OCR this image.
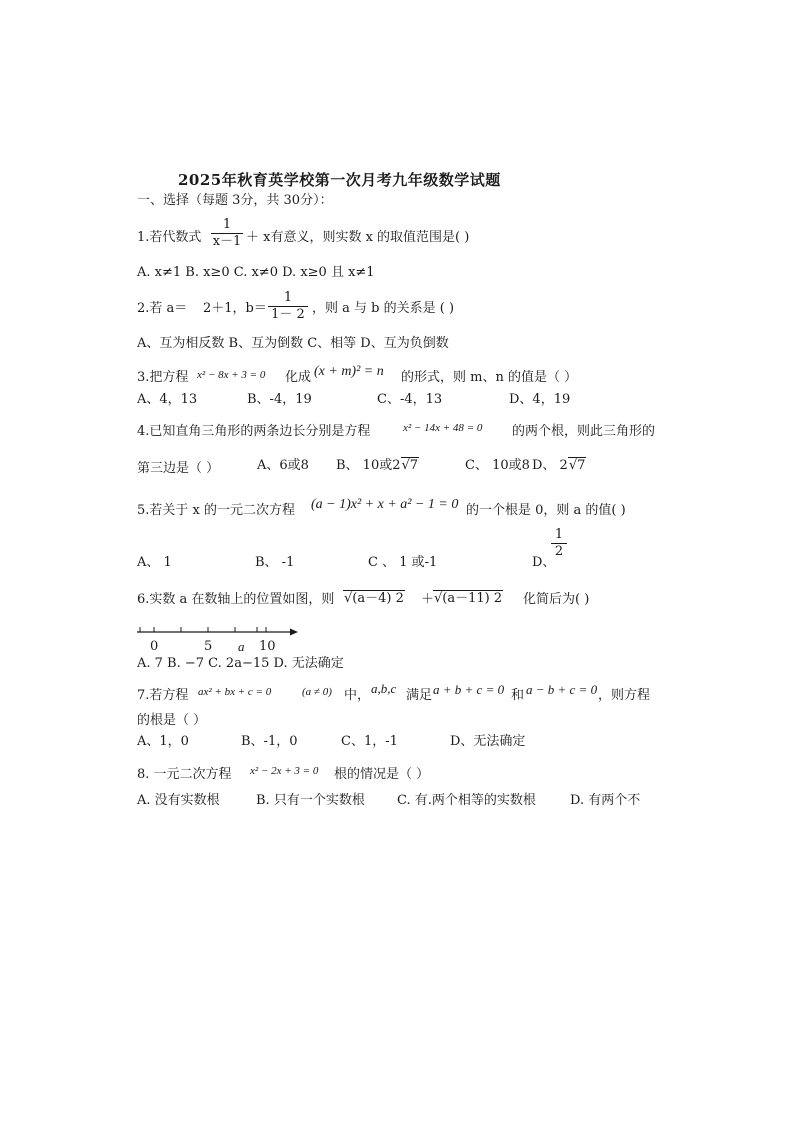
2025年秋育英学校第一次月考九年级数学试题
一、选择（每题 3分，共 30分）：
1.若代数式
1
x－1 ＋ x有意义，则实数 x 的取值范围是( )
A. x≠1 B. x≥0 C. x≠0 D. x≥0 且 x≠1
2.若 a＝ 2＋1，b＝
1
1－ 2 ，则 a 与 b 的关系是 ( )
A、互为相反数 B、互为倒数 C、相等 D、互为负倒数
3.把方程 x² − 8x + 3 = 0 化成 (x + m)² = n 的形式，则 m、n 的值是（ ）
A、4，13	B、-4，19	C、-4，13	D、4，19
4.已知直角三角形的两条边长分别是方程	x² − 14x + 48 = 0 的两个根，则此三角形的
第三边是（ ）	A、6或8 B、 10或2√7	C、 10或8 D、 2√7
5.若关于 x 的一元二次方程 (a − 1)x² + x + a² − 1 = 0 的一个根是 0，则 a 的值( )
A、 1	B、 -1	C 、 1 或-1	D、
1
2
6.实数 a 在数轴上的位置如图，则 √(a－4) 2 ＋ √(a－11) 2 化简后为( )
0	5 a 10
A. 7 B. −7 C. 2a−15 D. 无法确定
7.若方程 ax² + bx + c = 0	(a ≠ 0) 中， a,b,c 满足 a + b + c = 0 和 a − b + c = 0 ，则方程
的根是（ ）
A、1，0	B、-1，0	C、1，-1	D、无法确定
8. 一元二次方程 x² − 2x + 3 = 0 根的情况是（ ）
A. 没有实数根	B. 只有一个实数根 C. 有.两个相等的实数根	D. 有两个不
